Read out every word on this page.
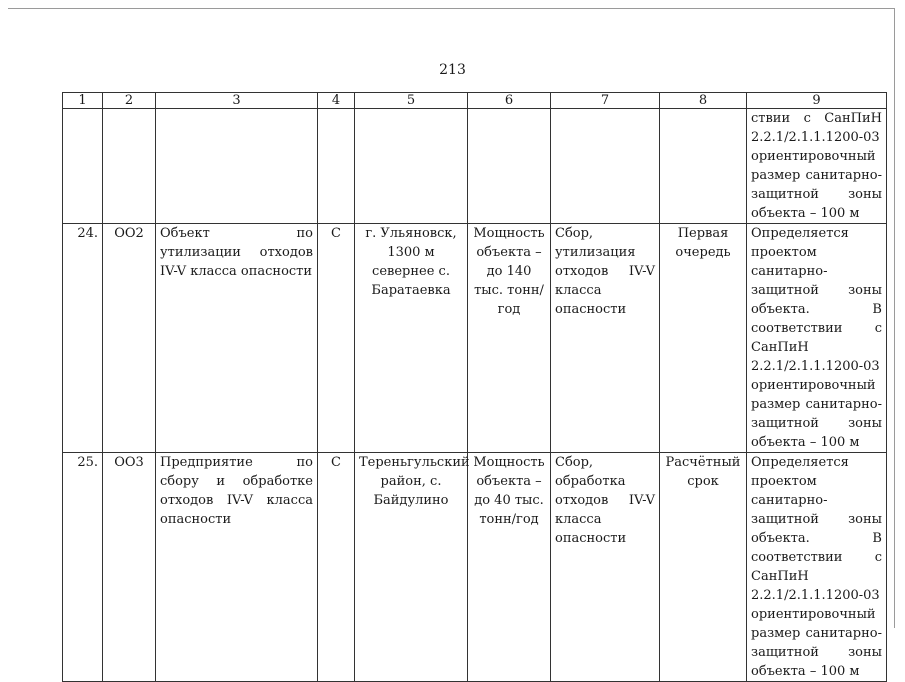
213
1	2	3	4	5	6	7	8	9
								ствии с СанПиН 2.2.1/2.1.1.1200-03 ориентировочный размер санитарно-защитной зоны объекта – 100 м
24.	ОО2	Объект по утилизации отходов IV-V класса опасности	С	г. Ульяновск, 1300 м севернее с. Баратаевка	Мощность объекта – до 140 тыс. тонн/год	Сбор, утилизация отходов IV-V класса опасности	Первая очередь	Определяется проектом санитарно-защитной зоны объекта. В соответствии с СанПиН 2.2.1/2.1.1.1200-03 ориентировочный размер санитарно-защитной зоны объекта – 100 м
25.	ОО3	Предприятие по сбору и обработке отходов IV-V класса опасности	С	Тереньгульский район, с. Байдулино	Мощность объекта – до 40 тыс. тонн/год	Сбор, обработка отходов IV-V класса опасности	Расчётный срок	Определяется проектом санитарно-защитной зоны объекта. В соответствии с СанПиН 2.2.1/2.1.1.1200-03 ориентировочный размер санитарно-защитной зоны объекта – 100 м
